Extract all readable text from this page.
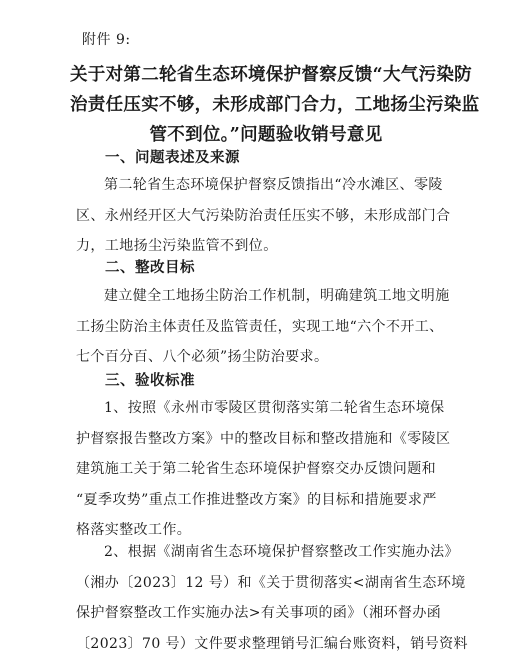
附件 9:
关于对第二轮省生态环境保护督察反馈“大气污染防
治责任压实不够，未形成部门合力，工地扬尘污染监
管不到位。”问题验收销号意见
一、问题表述及来源
第二轮省生态环境保护督察反馈指出“冷水滩区、零陵
区、永州经开区大气污染防治责任压实不够，未形成部门合
力，工地扬尘污染监管不到位。
二、整改目标
建立健全工地扬尘防治工作机制，明确建筑工地文明施
工扬尘防治主体责任及监管责任，实现工地“六个不开工、
七个百分百、八个必须”扬尘防治要求。
三、验收标准
1、按照《永州市零陵区贯彻落实第二轮省生态环境保
护督察报告整改方案》中的整改目标和整改措施和《零陵区
建筑施工关于第二轮省生态环境保护督察交办反馈问题和
“夏季攻势”重点工作推进整改方案》的目标和措施要求严
格落实整改工作。
2、根据《湖南省生态环境保护督察整改工作实施办法》
（湘办〔2023〕12 号）和《关于贯彻落实<湖南省生态环境
保护督察整改工作实施办法>有关事项的函》（湘环督办函
〔2023〕70 号）文件要求整理销号汇编台账资料，销号资料
